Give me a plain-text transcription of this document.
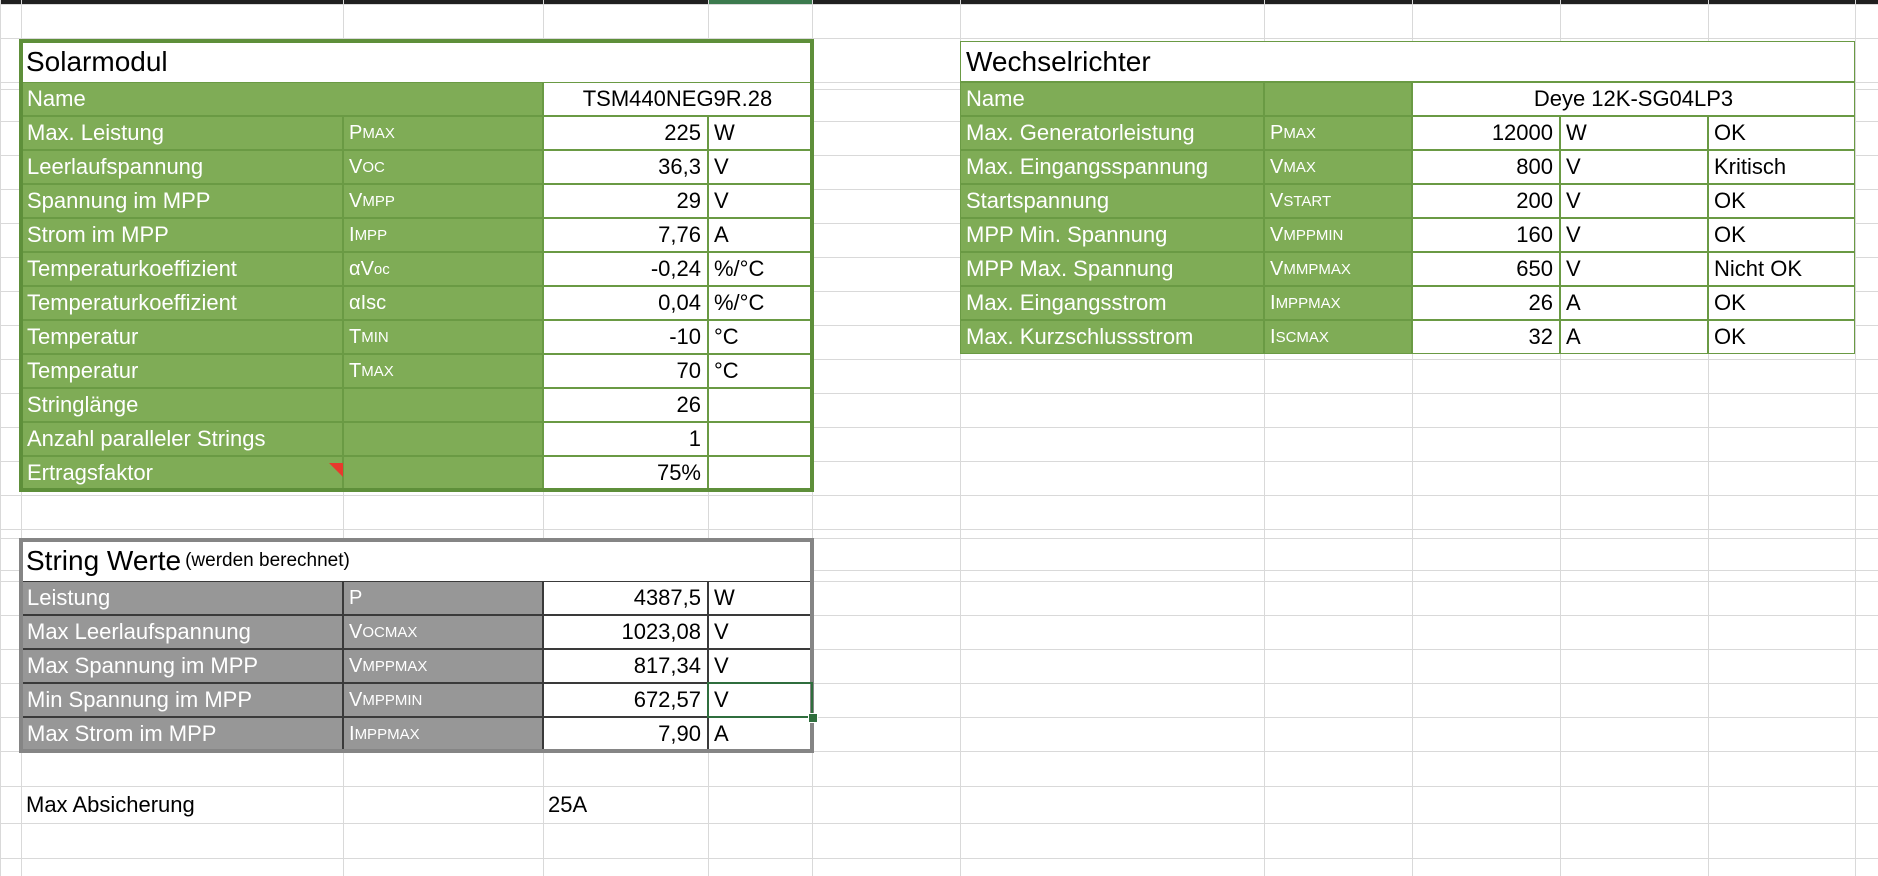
Solarmodul
Name	TSM440NEG9R.28
Max. Leistung	P MAX	225 W
Leerlaufspannung	V OC	36,3 V
Spannung im MPP	V MPP	29 V
Strom im MPP	I MPP	7,76 A
Temperaturkoeffizient	αV oc	-0,24 %/°C
Temperaturkoeffizient	αIsc	0,04 %/°C
Temperatur	T MIN	-10 °C
Temperatur	T MAX	70 °C
Stringlänge	26
Anzahl paralleler Strings	1
Ertragsfaktor	75%
String Werte (werden berechnet)
Leistung	P	4387,5 W
Max Leerlaufspannung	V OCMAX	1023,08 V
Max Spannung im MPP	V MPPMAX	817,34 V
Min Spannung im MPP	V MPPMIN	672,57 V
Max Strom im MPP	I MPPMAX	7,90 A
Max Absicherung	25A
Wechselrichter
Name	Deye 12K-SG04LP3
Max. Generatorleistung	P MAX	12000 W	OK
Max. Eingangsspannung	V MAX	800 V	Kritisch
Startspannung	V START	200 V	OK
MPP Min. Spannung	V MPPMIN	160 V	OK
MPP Max. Spannung	V MMPMAX	650 V	Nicht OK
Max. Eingangsstrom	I MPPMAX	26 A	OK
Max. Kurzschlussstrom	I SCMAX	32 A	OK
